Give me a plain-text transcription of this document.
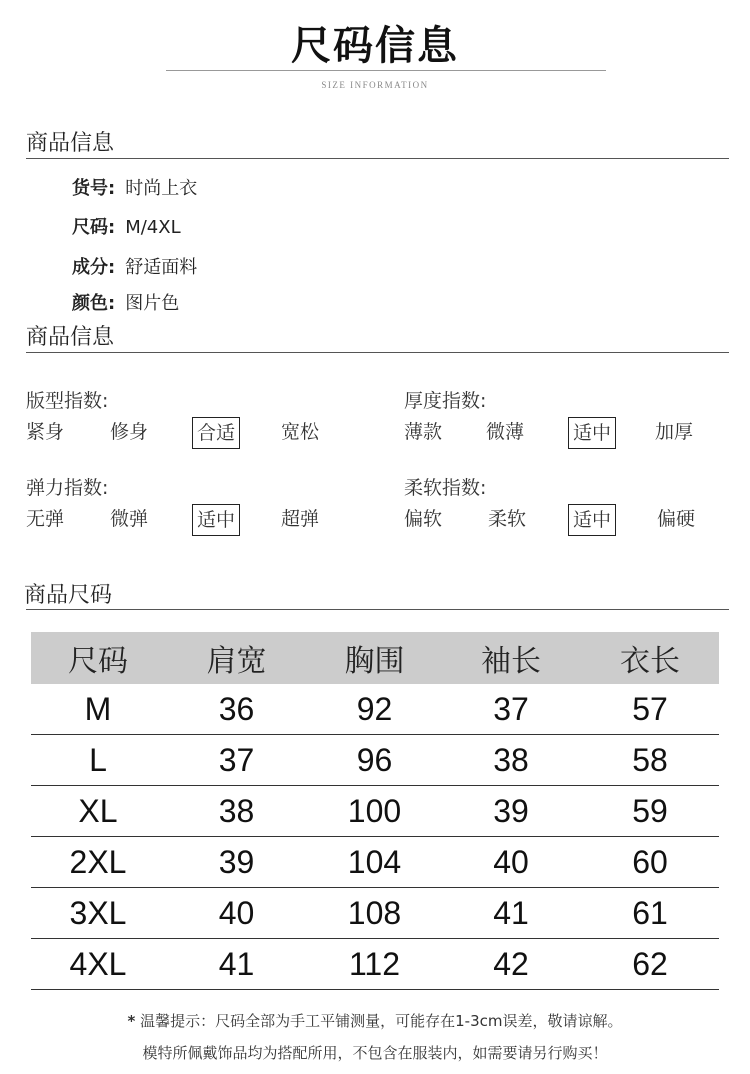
尺码信息
SIZE INFORMATION
商品信息
货号: 时尚上衣
尺码: M/4XL
成分: 舒适面料
颜色: 图片色
商品信息
版型指数:
紧身 修身	合适 宽松
厚度指数:
薄款 微薄	适中 加厚
弹力指数:
无弹 微弹	适中 超弹
柔软指数:
偏软 柔软 适中 偏硬
商品尺码
尺码	肩宽	胸围	袖长	衣长
M	36	92	37	57
L	37	96	38	58
XL	38	100	39	59
2XL	39	104	40	60
3XL	40	108	41	61
4XL	41	112	42	62
* 温馨提示：尺码全部为手工平铺测量，可能存在1-3cm误差，敬请谅解。
模特所佩戴饰品均为搭配所用，不包含在服装内，如需要请另行购买！
